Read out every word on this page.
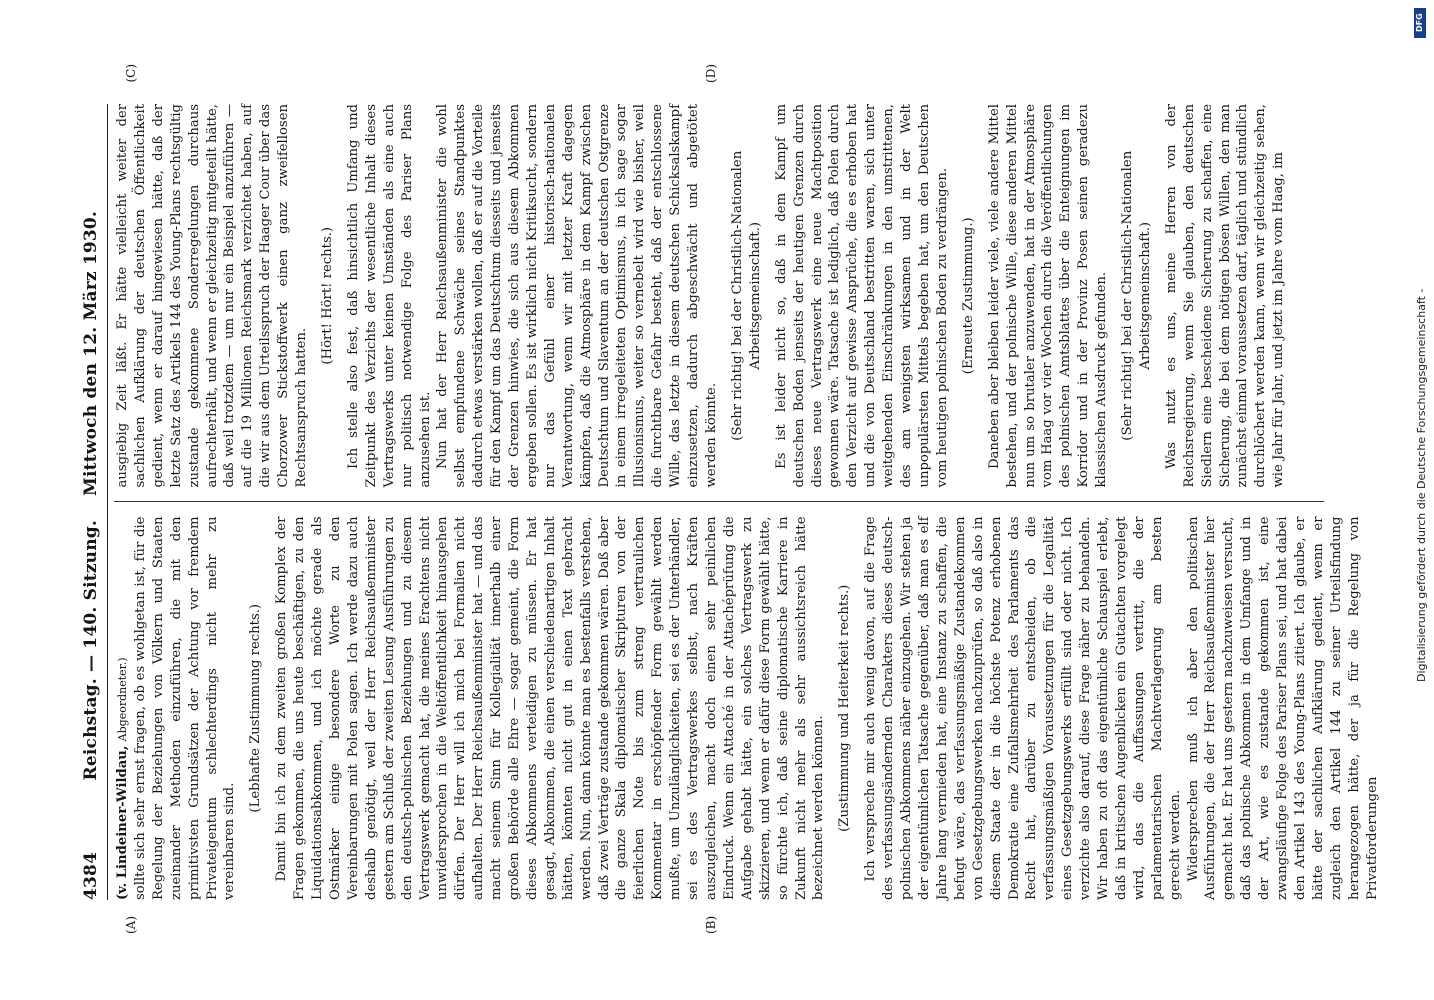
4384
Reichstag. — 140. Sitzung.
Mittwoch den 12. März 1930.

(v. Lindeiner-Wildau, Abgeordneter.) sollte sich sehr ernst fragen, ob es wohlgetan ist, für die Regelung der Beziehungen von Völkern und Staaten zueinander Methoden einzuführen, die mit den primitivsten Grundsätzen der Achtung vor fremdem Privateigentum schlechterdings nicht mehr zu vereinbaren sind.

(Lebhafte Zustimmung rechts.) Damit bin ich zu dem zweiten großen Komplex der Fragen gekommen, die uns heute beschäftigen, zu den Liquidationsabkommen, und ich möchte gerade als Ostmärker einige besondere Worte zu den Vereinbarungen mit Polen sagen. Ich werde dazu auch deshalb genötigt, weil der Herr Reichsaußenminister gestern am Schluß der zweiten Lesung Ausführungen zu den deutsch-polnischen Beziehungen und zu diesem Vertragswerk gemacht hat, die meines Erachtens nicht unwidersprochen in die Weltöffentlichkeit hinausgehen dürfen. Der Herr will ich mich bei Formalien nicht aufhalten. Der Herr Reichsaußenminister hat — und das macht seinem Sinn für Kollegialität innerhalb einer großen Behörde alle Ehre — sogar gemeint, die Form dieses Abkommens verteidigen zu müssen. Er hat gesagt, Abkommen, die einen verschiedenartigen Inhalt hätten, könnten nicht gut in einen Text gebracht werden. Nun, dann könnte man es bestenfalls verstehen, daß zwei Verträge zustande gekommen wären. Daß aber die ganze Skala diplomatischer Skripturen von der feierlichen Note bis zum streng vertraulichen Kommentar in erschöpfender Form gewählt werden mußte, um Unzulänglichkeiten, sei es der Unterhändler, sei es des Vertragswerkes selbst, nach Kräften auszugleichen, macht doch einen sehr peinlichen Eindruck. Wenn ein Attaché in der Attachéprüfung die Aufgabe gehabt hätte, ein solches Vertragswerk zu skizzieren, und wenn er dafür diese Form gewählt hätte, so fürchte ich, daß seine diplomatische Karriere in Zukunft nicht mehr als sehr aussichtsreich hätte bezeichnet werden können. (Zustimmung und Heiterkeit rechts.) Ich verspreche mir auch wenig davon, auf die Frage des verfassungsändernden Charakters dieses deutsch-polnischen Abkommens näher einzugehen. Wir stehen ja der eigentümlichen Tatsache gegenüber, daß man es elf Jahre lang vermieden hat, eine Instanz zu schaffen, die befugt wäre, das verfassungsmäßige Zustandekommen von Gesetzgebungswerken nachzuprüfen, so daß also in diesem Staate der in die höchste Potenz erhobenen Demokratie eine Zufallsmehrheit des Parlaments das Recht hat, darüber zu entscheiden, ob die verfassungsmäßigen Voraussetzungen für die Legalität eines Gesetzgebungswerks erfüllt sind oder nicht. Ich verzichte also darauf, diese Frage näher zu behandeln. Wir haben zu oft das eigentümliche Schauspiel erlebt, daß in kritischen Augenblicken ein Gutachten vorgelegt wird, das die Auffassungen vertritt, die der parlamentarischen Machtverlagerung am besten gerecht werden. Widersprechen muß ich aber den politischen Ausführungen, die der Herr Reichsaußenminister hier gemacht hat. Er hat uns gestern nachzuweisen versucht, daß das polnische Abkommen in dem Umfange und in der Art, wie es zustande gekommen ist, eine zwangsläufige Folge des Pariser Plans sei, und hat dabei den Artikel 143 des Young-Plans zitiert. Ich glaube, er hätte der sachlichen Aufklärung gedient, wenn er zugleich den Artikel 144 zu seiner Urteilsfindung herangezogen hätte, der ja für die Regelung von Privatforderungen

ausgiebig Zeit läßt. Er hätte vielleicht weiter der sachlichen Aufklärung der deutschen Öffentlichkeit gedient, wenn er darauf hingewiesen hätte, daß der letzte Satz des Artikels 144 des Young-Plans rechtsgültig zustande gekommene Sonderregelungen durchaus aufrechterhält, und wenn er gleichzeitig mitgeteilt hätte, daß weil trotzdem — um nur ein Beispiel anzuführen — auf die 19 Millionen Reichsmark verzichtet haben, auf die wir aus dem Urteilsspruch der Haager Cour über das Chorzower Stickstoffwerk einen ganz zweifellosen Rechtsanspruch hatten.

(Hört! Hört! rechts.) Ich stelle also fest, daß hinsichtlich Umfang und Zeitpunkt des Verzichts der wesentliche Inhalt dieses Vertragswerks unter keinen Umständen als eine auch nur politisch notwendige Folge des Pariser Plans anzusehen ist. Nun hat der Herr Reichsaußenminister die wohl selbst empfundene Schwäche seines Standpunktes dadurch etwas verstärken wollen, daß er auf die Vorteile für den Kampf um das Deutschtum diesseits und jenseits der Grenzen hinwies, die sich aus diesem Abkommen ergeben sollen. Es ist wirklich nicht Kritiksucht, sondern nur das Gefühl einer historisch-nationalen Verantwortung, wenn wir mit letzter Kraft dagegen kämpfen, daß die Atmosphäre in dem Kampf zwischen Deutschtum und Slaventum an der deutschen Ostgrenze in einem irregeleiteten Optimismus, in ich sage sogar Illusionismus, weiter so vernebelt wird wie bisher, weil die furchtbare Gefahr besteht, daß der entschlossene Wille, das letzte in diesem deutschen Schicksalskampf einzusetzen, dadurch abgeschwächt und abgetötet werden könnte. (Sehr richtig! bei der Christlich-Nationalen Arbeitsgemeinschaft.) Es ist leider nicht so, daß in dem Kampf um deutschen Boden jenseits der heutigen Grenzen durch dieses neue Vertragswerk eine neue Machtposition gewonnen wäre. Tatsache ist lediglich, daß Polen durch den Verzicht auf gewisse Ansprüche, die es erhoben hat und die von Deutschland bestritten waren, sich unter weitgehenden Einschränkungen in den umstrittenen, des am wenigsten wirksamen und in der Welt unpopulärsten Mittels begeben hat, um den Deutschen vom heutigen polnischen Boden zu verdrängen. (Erneute Zustimmung.) Daneben aber bleiben leider viele, viele andere Mittel bestehen, und der polnische Wille, diese anderen Mittel nun um so brutaler anzuwenden, hat in der Atmosphäre vom Haag vor vier Wochen durch die Veröffentlichungen des polnischen Amtsblattes über die Enteignungen im Korridor und in der Provinz Posen seinen geradezu klassischen Ausdruck gefunden. (Sehr richtig! bei der Christlich-Nationalen Arbeitsgemeinschaft.) Was nutzt es uns, meine Herren von der Reichsregierung, wenn Sie glauben, den deutschen Siedlern eine bescheidene Sicherung zu schaffen, eine Sicherung, die bei dem nötigen bösen Willen, den man zunächst einmal voraussetzen darf, täglich und stündlich durchlöchert werden kann, wenn wir gleichzeitig sehen, wie Jahr für Jahr, und jetzt im Jahre vom Haag, im

(A)	(B)
(C)	(D)
DFG
Digitalisierung gefördert durch die Deutsche Forschungsgemeinschaft -
